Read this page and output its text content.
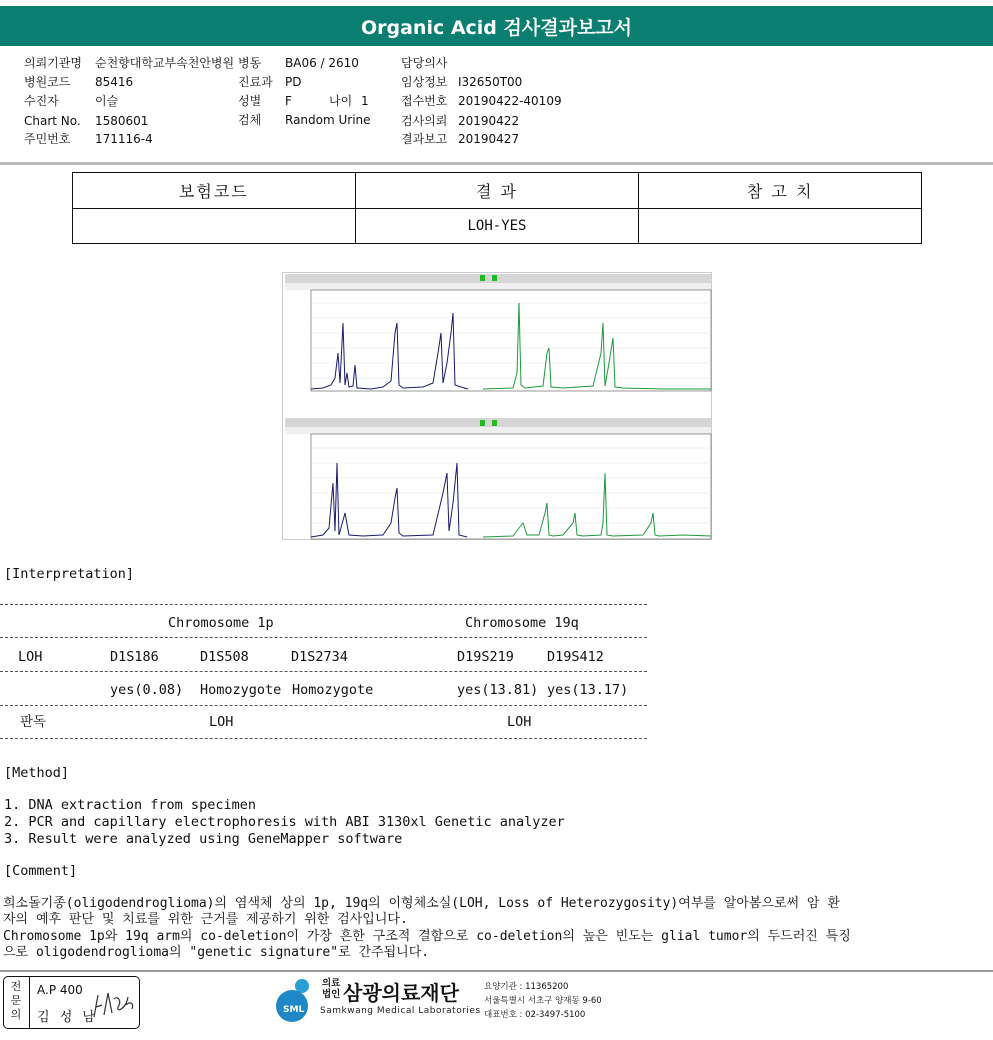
Organic Acid 검사결과보고서
의뢰기관명 순천향대학교부속천안병원 병동 BA06 / 2610	담당의사
병원코드 85416	진료과 PD	임상정보 I32650T00
수진자	이슬	성별 F	나이 1	접수번호 20190422-40109
Chart No. 1580601	검체 Random Urine	검사의뢰 20190422
주민번호 171116-4	결과보고 20190427
보험코드	결 과	참 고 치
	LOH-YES	
[Interpretation]
Chromosome 1p	Chromosome 19q
LOH	D1S186	D1S508	D1S2734	D19S219 D19S412
yes(0.08) Homozygote Homozygote	yes(13.81) yes(13.17)
판독	LOH	LOH
[Method]
1. DNA extraction from specimen
2. PCR and capillary electrophoresis with ABI 3130xl Genetic analyzer
3. Result were analyzed using GeneMapper software
[Comment]
희소돌기종(oligodendroglioma)의 염색체 상의 1p, 19q의 이형체소실(LOH, Loss of Heterozygosity)여부를 알아봄으로써 암 환
자의 예후 판단 및 치료를 위한 근거를 제공하기 위한 검사입니다.
Chromosome 1p와 19q arm의 co-deletion이 가장 흔한 구조적 결함으로 co-deletion의 높은 빈도는 glial tumor의 두드러진 특징
으로 oligodendroglioma의 "genetic signature"로 간주됩니다.
전문의
A.P 400
김 성 남	SML
의료
법인 삼광의료재단
Samkwang Medical Laboratories
요양기관 : 11365200
서울특별시 서초구 양재동 9-60
대표번호 : 02-3497-5100
